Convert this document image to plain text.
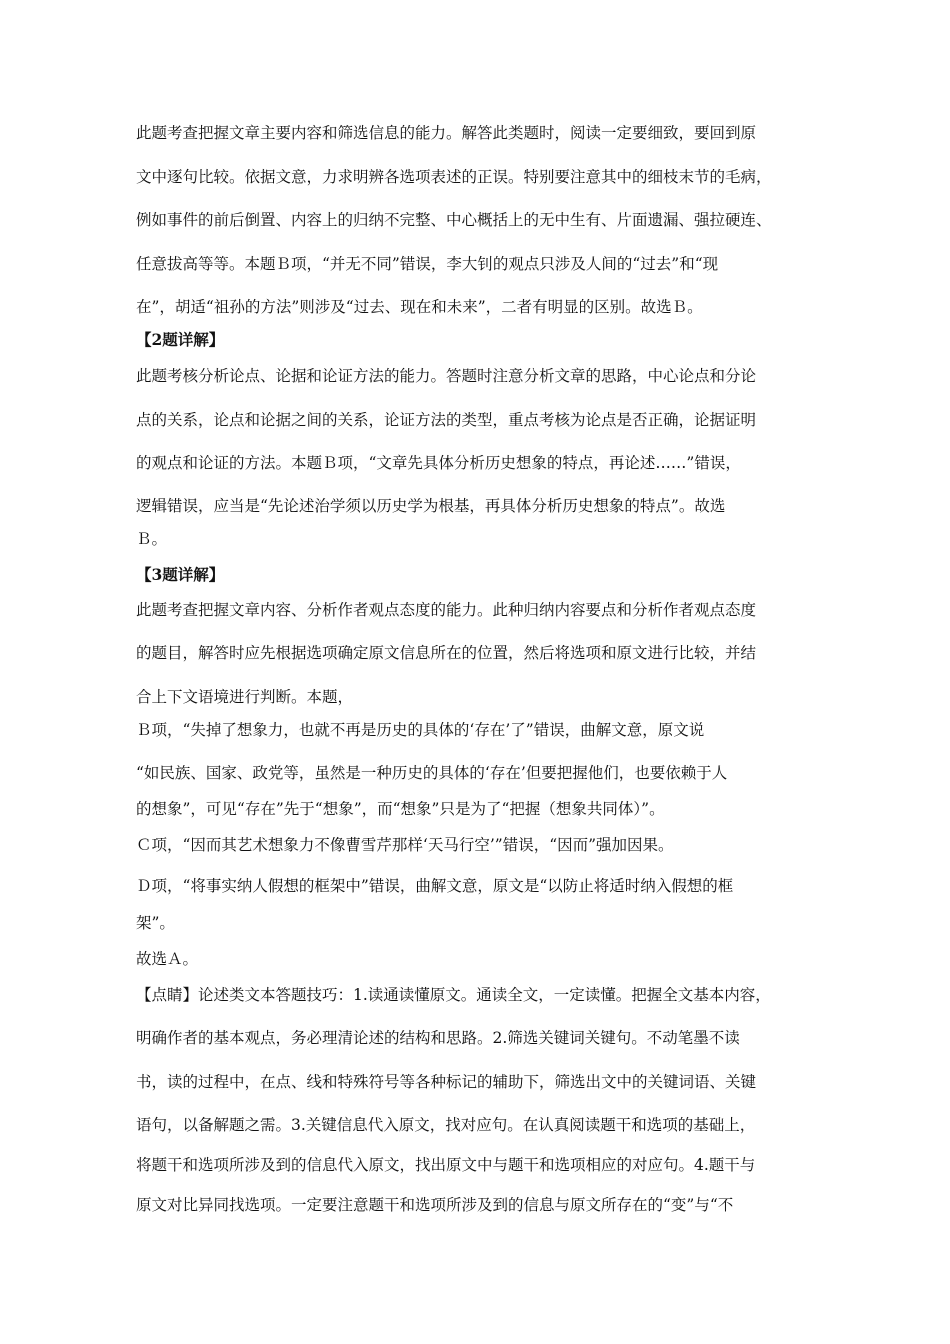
此题考查把握文章主要内容和筛选信息的能力。解答此类题时，阅读一定要细致，要回到原
文中逐句比较。依据文意，力求明辨各选项表述的正误。特别要注意其中的细枝末节的毛病，
例如事件的前后倒置、内容上的归纳不完整、中心概括上的无中生有、片面遗漏、强拉硬连、
任意拔高等等。本题Ｂ项，“并无不同”错误，李大钊的观点只涉及人间的“过去”和“现
在”，胡适“祖孙的方法”则涉及“过去、现在和未来”，二者有明显的区别。故选Ｂ。
【2题详解】
此题考核分析论点、论据和论证方法的能力。答题时注意分析文章的思路，中心论点和分论
点的关系，论点和论据之间的关系，论证方法的类型，重点考核为论点是否正确，论据证明
的观点和论证的方法。本题Ｂ项，“文章先具体分析历史想象的特点，再论述……”错误，
逻辑错误，应当是“先论述治学须以历史学为根基，再具体分析历史想象的特点”。故选
Ｂ。
【3题详解】
此题考查把握文章内容、分析作者观点态度的能力。此种归纳内容要点和分析作者观点态度
的题目，解答时应先根据选项确定原文信息所在的位置，然后将选项和原文进行比较，并结
合上下文语境进行判断。本题，
Ｂ项，“失掉了想象力，也就不再是历史的具体的‘存在’了”错误，曲解文意，原文说
“如民族、国家、政党等，虽然是一种历史的具体的‘存在’但要把握他们，也要依赖于人
的想象”，可见“存在”先于“想象”，而“想象”只是为了“把握（想象共同体）”。
Ｃ项，“因而其艺术想象力不像曹雪芹那样‘天马行空’”错误，“因而”强加因果。
Ｄ项，“将事实纳人假想的框架中”错误，曲解文意，原文是“以防止将适时纳入假想的框
架”。
故选Ａ。
【点睛】论述类文本答题技巧：1.读通读懂原文。通读全文，一定读懂。把握全文基本内容，
明确作者的基本观点，务必理清论述的结构和思路。2.筛选关键词关键句。不动笔墨不读
书，读的过程中，在点、线和特殊符号等各种标记的辅助下，筛选出文中的关键词语、关键
语句，以备解题之需。3.关键信息代入原文，找对应句。在认真阅读题干和选项的基础上，
将题干和选项所涉及到的信息代入原文，找出原文中与题干和选项相应的对应句。4.题干与
原文对比异同找选项。一定要注意题干和选项所涉及到的信息与原文所存在的“变”与“不
